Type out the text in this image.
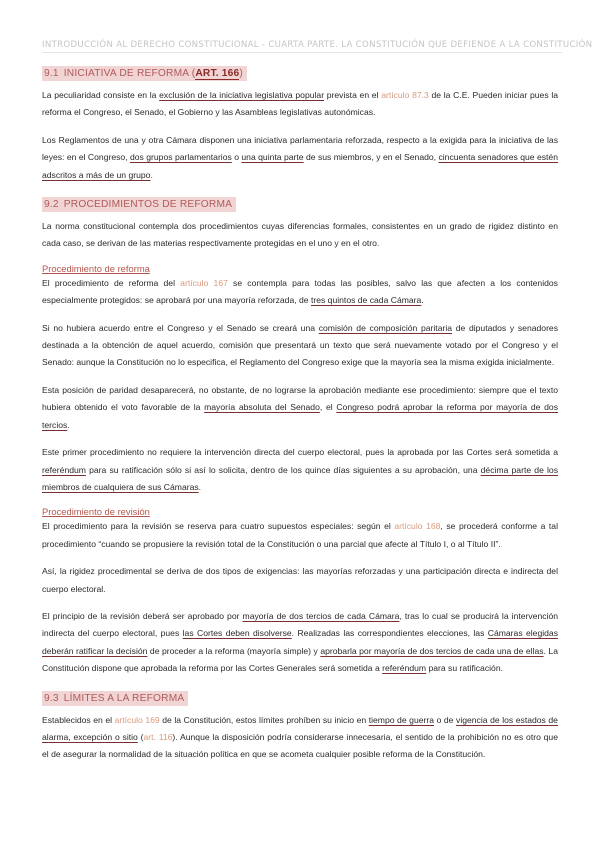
INTRODUCCIÓN AL DERECHO CONSTITUCIONAL - CUARTA PARTE. LA CONSTITUCIÓN QUE DEFIENDE A LA CONSTITUCIÓN
9.1 INICIATIVA DE REFORMA (ART. 166)

La peculiaridad consiste en la exclusión de la iniciativa legislativa popular prevista en el artículo 87.3 de la C.E. Pueden iniciar pues la reforma el Congreso, el Senado, el Gobierno y las Asambleas legislativas autonómicas.

Los Reglamentos de una y otra Cámara disponen una iniciativa parlamentaria reforzada, respecto a la exigida para la iniciativa de las leyes: en el Congreso, dos grupos parlamentarios o una quinta parte de sus miembros, y en el Senado, cincuenta senadores que estén adscritos a más de un grupo.

9.2 PROCEDIMIENTOS DE REFORMA

La norma constitucional contempla dos procedimientos cuyas diferencias formales, consistentes en un grado de rigidez distinto en cada caso, se derivan de las materias respectivamente protegidas en el uno y en el otro.

Procedimiento de reforma

El procedimiento de reforma del artículo 167 se contempla para todas las posibles, salvo las que afecten a los contenidos especialmente protegidos: se aprobará por una mayoría reforzada, de tres quintos de cada Cámara.

Si no hubiera acuerdo entre el Congreso y el Senado se creará una comisión de composición paritaria de diputados y senadores destinada a la obtención de aquel acuerdo, comisión que presentará un texto que será nuevamente votado por el Congreso y el Senado: aunque la Constitución no lo especifica, el Reglamento del Congreso exige que la mayoría sea la misma exigida inicialmente.

Esta posición de paridad desaparecerá, no obstante, de no lograrse la aprobación mediante ese procedimiento: siempre que el texto hubiera obtenido el voto favorable de la mayoría absoluta del Senado, el Congreso podrá aprobar la reforma por mayoría de dos tercios.

Este primer procedimiento no requiere la intervención directa del cuerpo electoral, pues la aprobada por las Cortes será sometida a referéndum para su ratificación sólo si así lo solicita, dentro de los quince días siguientes a su aprobación, una décima parte de los miembros de cualquiera de sus Cámaras.

Procedimiento de revisión

El procedimiento para la revisión se reserva para cuatro supuestos especiales: según el artículo 168, se procederá conforme a tal procedimiento “cuando se propusiere la revisión total de la Constitución o una parcial que afecte al Título I, o al Título II”.

Así, la rigidez procedimental se deriva de dos tipos de exigencias: las mayorías reforzadas y una participación directa e indirecta del cuerpo electoral.

El principio de la revisión deberá ser aprobado por mayoría de dos tercios de cada Cámara, tras lo cual se producirá la intervención indirecta del cuerpo electoral, pues las Cortes deben disolverse. Realizadas las correspondientes elecciones, las Cámaras elegidas deberán ratificar la decisión de proceder a la reforma (mayoría simple) y aprobarla por mayoría de dos tercios de cada una de ellas. La Constitución dispone que aprobada la reforma por las Cortes Generales será sometida a referéndum para su ratificación.

9.3 LÍMITES A LA REFORMA

Establecidos en el artículo 169 de la Constitución, estos límites prohíben su inicio en tiempo de guerra o de vigencia de los estados de alarma, excepción o sitio (art. 116). Aunque la disposición podría considerarse innecesaria, el sentido de la prohibición no es otro que el de asegurar la normalidad de la situación política en que se acometa cualquier posible reforma de la Constitución.
